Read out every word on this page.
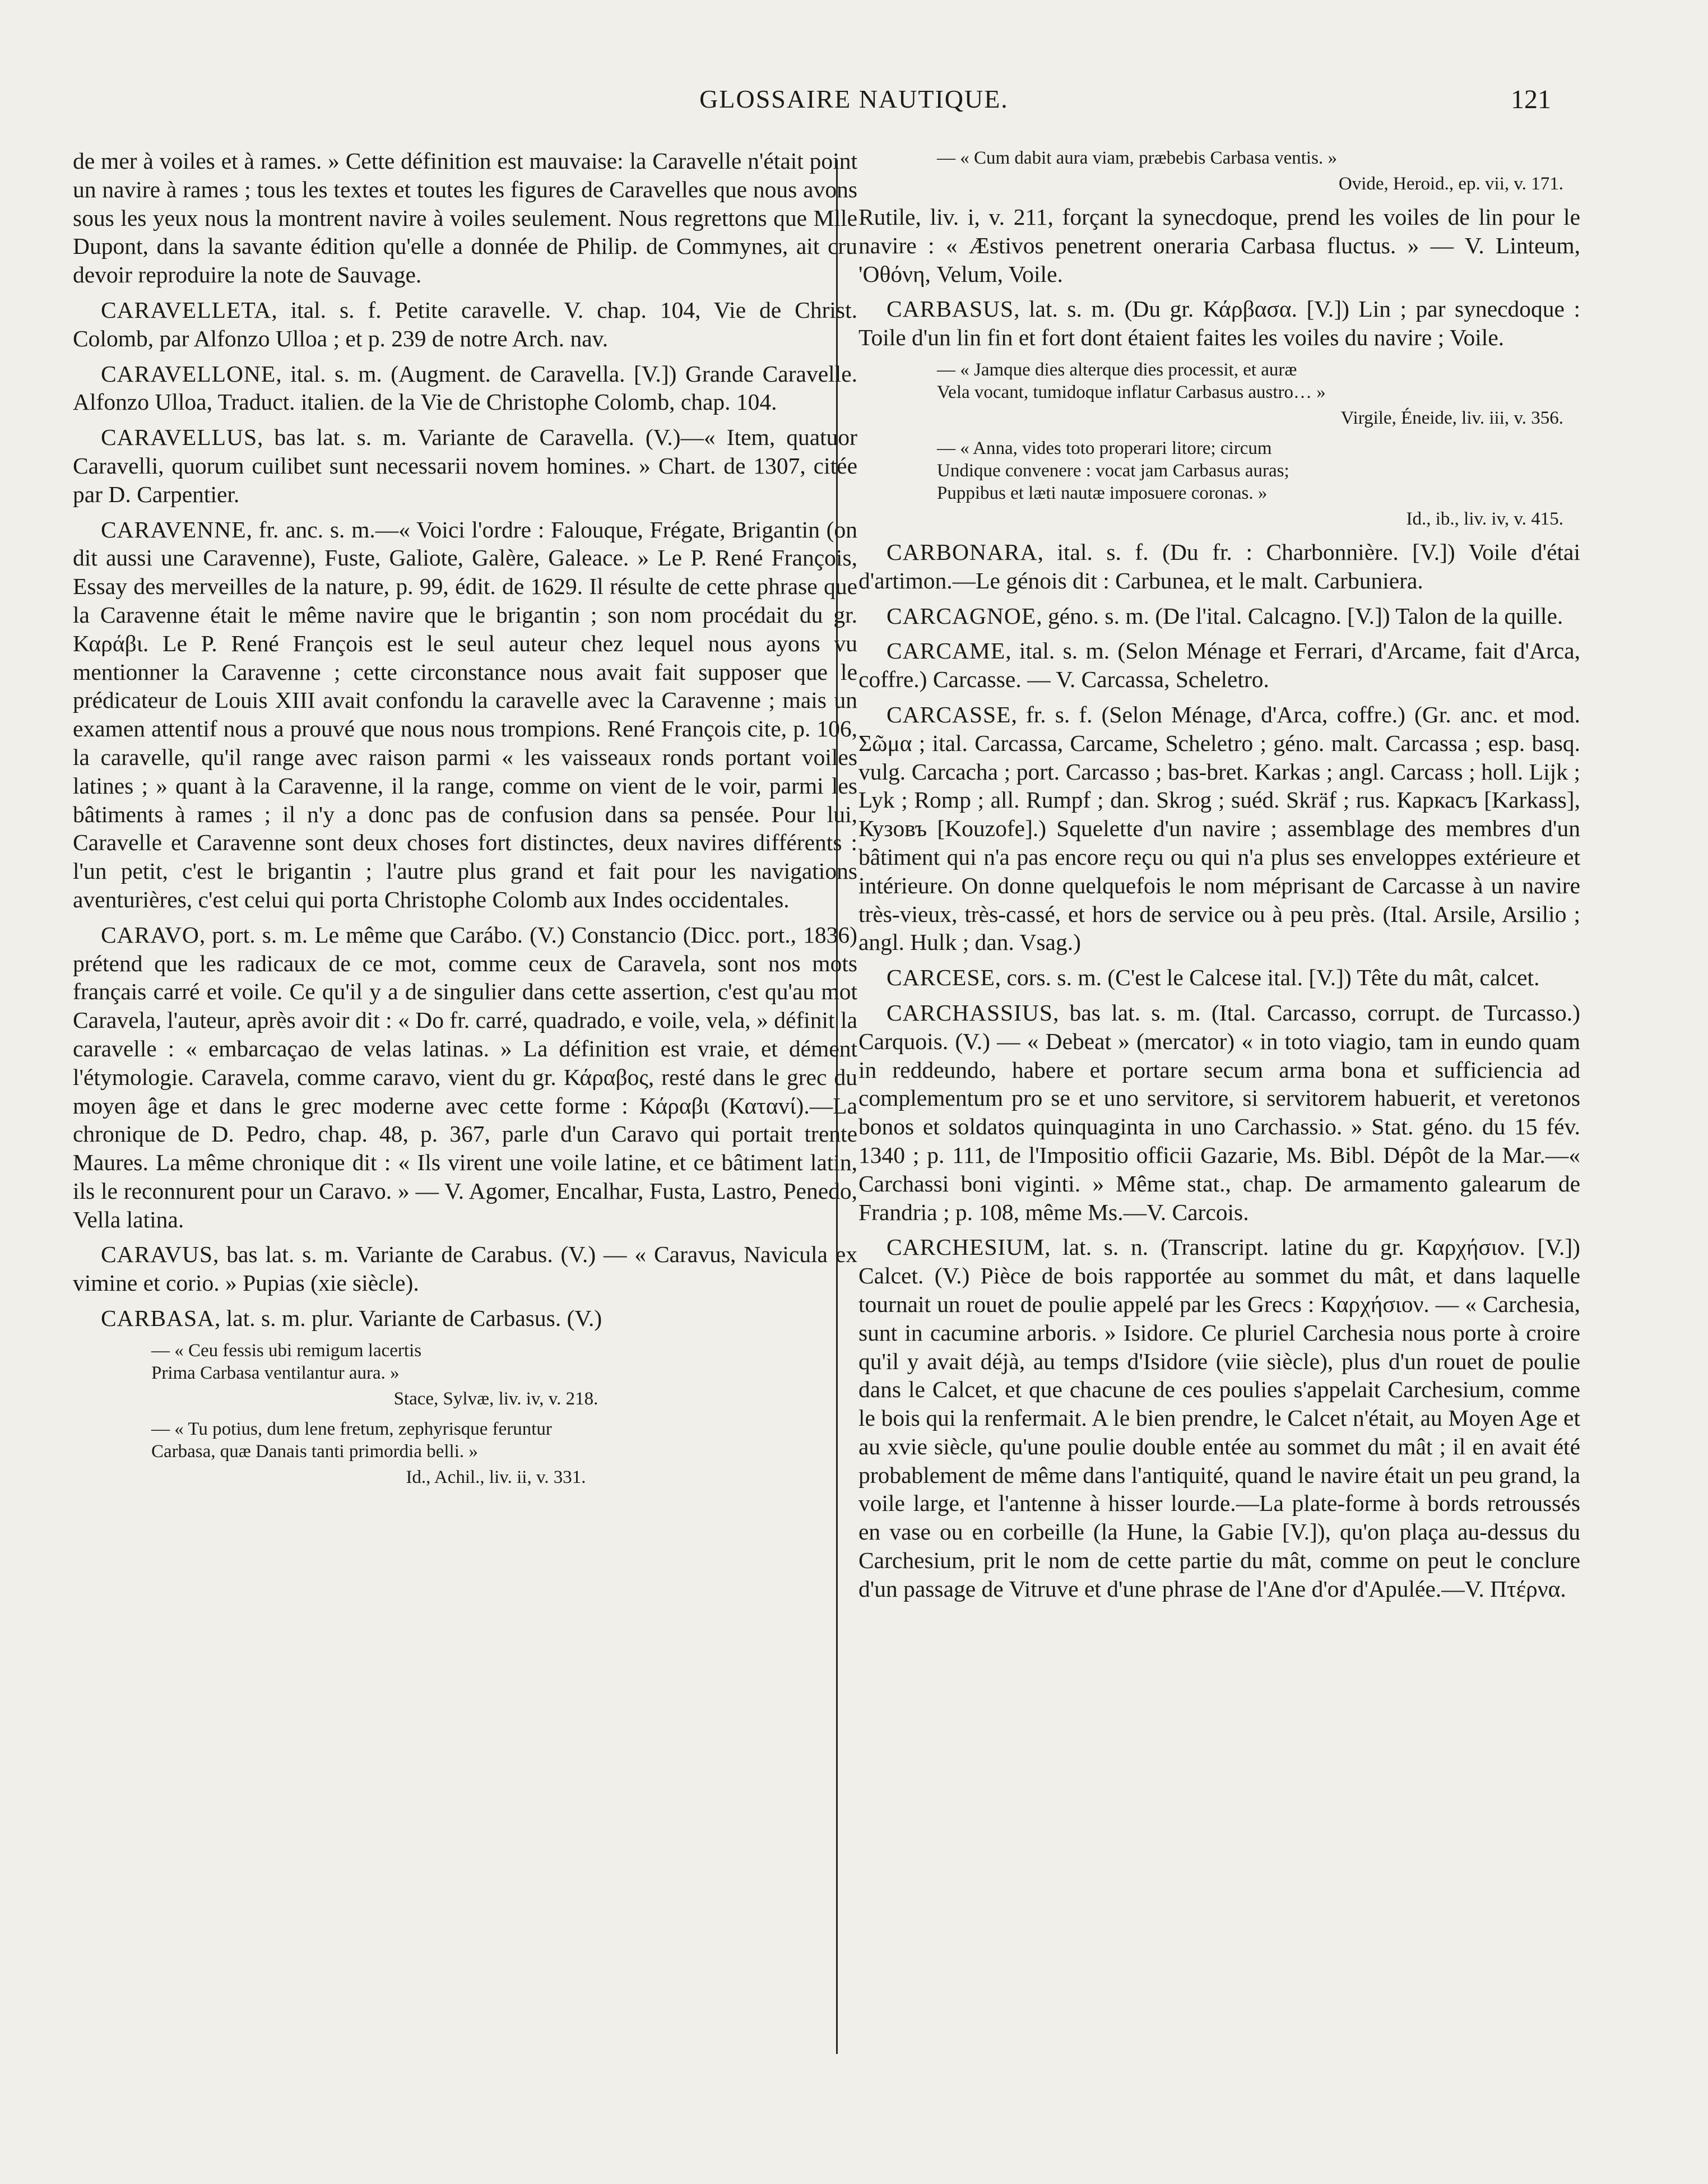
GLOSSAIRE NAUTIQUE.	121

de mer à voiles et à rames. » Cette définition est mauvaise: la Caravelle n'était point un navire à rames ; tous les textes et toutes les figures de Caravelles que nous avons sous les yeux nous la montrent navire à voiles seulement. Nous regrettons que Mlle Dupont, dans la savante édition qu'elle a donnée de Philip. de Commynes, ait cru devoir reproduire la note de Sauvage.

CARAVELLETA, ital. s. f. Petite caravelle. V. chap. 104, Vie de Christ. Colomb, par Alfonzo Ulloa ; et p. 239 de notre Arch. nav.

CARAVELLONE, ital. s. m. (Augment. de Caravella. [V.]) Grande Caravelle. Alfonzo Ulloa, Traduct. italien. de la Vie de Christophe Colomb, chap. 104.

CARAVELLUS, bas lat. s. m. Variante de Caravella. (V.)—« Item, quatuor Caravelli, quorum cuilibet sunt necessarii novem homines. » Chart. de 1307, citée par D. Carpentier.

CARAVENNE, fr. anc. s. m.—« Voici l'ordre : Falouque, Frégate, Brigantin (on dit aussi une Caravenne), Fuste, Galiote, Galère, Galeace. » Le P. René François, Essay des merveilles de la nature, p. 99, édit. de 1629. Il résulte de cette phrase que la Caravenne était le même navire que le brigantin ; son nom procédait du gr. Καράβι. Le P. René François est le seul auteur chez lequel nous ayons vu mentionner la Caravenne ; cette circonstance nous avait fait supposer que le prédicateur de Louis XIII avait confondu la caravelle avec la Caravenne ; mais un examen attentif nous a prouvé que nous nous trompions. René François cite, p. 106, la caravelle, qu'il range avec raison parmi « les vaisseaux ronds portant voiles latines ; » quant à la Caravenne, il la range, comme on vient de le voir, parmi les bâtiments à rames ; il n'y a donc pas de confusion dans sa pensée. Pour lui, Caravelle et Caravenne sont deux choses fort distinctes, deux navires différents : l'un petit, c'est le brigantin ; l'autre plus grand et fait pour les navigations aventurières, c'est celui qui porta Christophe Colomb aux Indes occidentales.

CARAVO, port. s. m. Le même que Carábo. (V.) Constancio (Dicc. port., 1836) prétend que les radicaux de ce mot, comme ceux de Caravela, sont nos mots français carré et voile. Ce qu'il y a de singulier dans cette assertion, c'est qu'au mot Caravela, l'auteur, après avoir dit : « Do fr. carré, quadrado, e voile, vela, » définit la caravelle : « embarcaçao de velas latinas. » La définition est vraie, et dément l'étymologie. Caravela, comme caravo, vient du gr. Κάραβος, resté dans le grec du moyen âge et dans le grec moderne avec cette forme : Κάραβι (Καταvί).—La chronique de D. Pedro, chap. 48, p. 367, parle d'un Caravo qui portait trente Maures. La même chronique dit : « Ils virent une voile latine, et ce bâtiment latin, ils le reconnurent pour un Caravo. » — V. Agomer, Encalhar, Fusta, Lastro, Penedo, Vella latina.

CARAVUS, bas lat. s. m. Variante de Carabus. (V.) — « Caravus, Navicula ex vimine et corio. » Pupias (xie siècle).

CARBASA, lat. s. m. plur. Variante de Carbasus. (V.)

— « Ceu fessis ubi remigum lacertis
Prima Carbasa ventilantur aura. »
Stace, Sylvæ, liv. iv, v. 218.
— « Tu potius, dum lene fretum, zephyrisque feruntur
Carbasa, quæ Danais tanti primordia belli. »
Id., Achil., liv. ii, v. 331.
— « Cum dabit aura viam, præbebis Carbasa ventis. »
Ovide, Heroid., ep. vii, v. 171.

Rutile, liv. i, v. 211, forçant la synecdoque, prend les voiles de lin pour le navire : « Æstivos penetrent oneraria Carbasa fluctus. » — V. Linteum, 'Οθόνη, Velum, Voile.

CARBASUS, lat. s. m. (Du gr. Κάρβασα. [V.]) Lin ; par synecdoque : Toile d'un lin fin et fort dont étaient faites les voiles du navire ; Voile.

— « Jamque dies alterque dies processit, et auræ
Vela vocant, tumidoque inflatur Carbasus austro… »
Virgile, Éneide, liv. iii, v. 356.
— « Anna, vides toto properari litore; circum
Undique convenere : vocat jam Carbasus auras;
Puppibus et læti nautæ imposuere coronas. »
Id., ib., liv. iv, v. 415.

CARBONARA, ital. s. f. (Du fr. : Charbonnière. [V.]) Voile d'étai d'artimon.—Le génois dit : Carbunea, et le malt. Carbuniera.

CARCAGNOE, géno. s. m. (De l'ital. Calcagno. [V.]) Talon de la quille.

CARCAME, ital. s. m. (Selon Ménage et Ferrari, d'Arcame, fait d'Arca, coffre.) Carcasse. — V. Carcassa, Scheletro.

CARCASSE, fr. s. f. (Selon Ménage, d'Arca, coffre.) (Gr. anc. et mod. Σῶμα ; ital. Carcassa, Carcame, Scheletro ; géno. malt. Carcassa ; esp. basq. vulg. Carcacha ; port. Carcasso ; bas-bret. Karkas ; angl. Carcass ; holl. Lijk ; Lyk ; Romp ; all. Rumpf ; dan. Skrog ; suéd. Skräf ; rus. Каркасъ [Karkass], Кузовъ [Kouzofe].) Squelette d'un navire ; assemblage des membres d'un bâtiment qui n'a pas encore reçu ou qui n'a plus ses enveloppes extérieure et intérieure. On donne quelquefois le nom méprisant de Carcasse à un navire très-vieux, très-cassé, et hors de service ou à peu près. (Ital. Arsile, Arsilio ; angl. Hulk ; dan. Vsag.)

CARCESE, cors. s. m. (C'est le Calcese ital. [V.]) Tête du mât, calcet.

CARCHASSIUS, bas lat. s. m. (Ital. Carcasso, corrupt. de Turcasso.) Carquois. (V.) — « Debeat » (mercator) « in toto viagio, tam in eundo quam in reddeundo, habere et portare secum arma bona et sufficiencia ad complementum pro se et uno servitore, si servitorem habuerit, et veretonos bonos et soldatos quinquaginta in uno Carchassio. » Stat. géno. du 15 fév. 1340 ; p. 111, de l'Impositio officii Gazarie, Ms. Bibl. Dépôt de la Mar.—« Carchassi boni viginti. » Même stat., chap. De armamento galearum de Frandria ; p. 108, même Ms.—V. Carcois.

CARCHESIUM, lat. s. n. (Transcript. latine du gr. Καρχήσιον. [V.]) Calcet. (V.) Pièce de bois rapportée au sommet du mât, et dans laquelle tournait un rouet de poulie appelé par les Grecs : Καρχήσιον. — « Carchesia, sunt in cacumine arboris. » Isidore. Ce pluriel Carchesia nous porte à croire qu'il y avait déjà, au temps d'Isidore (viie siècle), plus d'un rouet de poulie dans le Calcet, et que chacune de ces poulies s'appelait Carchesium, comme le bois qui la renfermait. A le bien prendre, le Calcet n'était, au Moyen Age et au xvie siècle, qu'une poulie double entée au sommet du mât ; il en avait été probablement de même dans l'antiquité, quand le navire était un peu grand, la voile large, et l'antenne à hisser lourde.—La plate-forme à bords retroussés en vase ou en corbeille (la Hune, la Gabie [V.]), qu'on plaça au-dessus du Carchesium, prit le nom de cette partie du mât, comme on peut le conclure d'un passage de Vitruve et d'une phrase de l'Ane d'or d'Apulée.—V. Πτέρνα.
